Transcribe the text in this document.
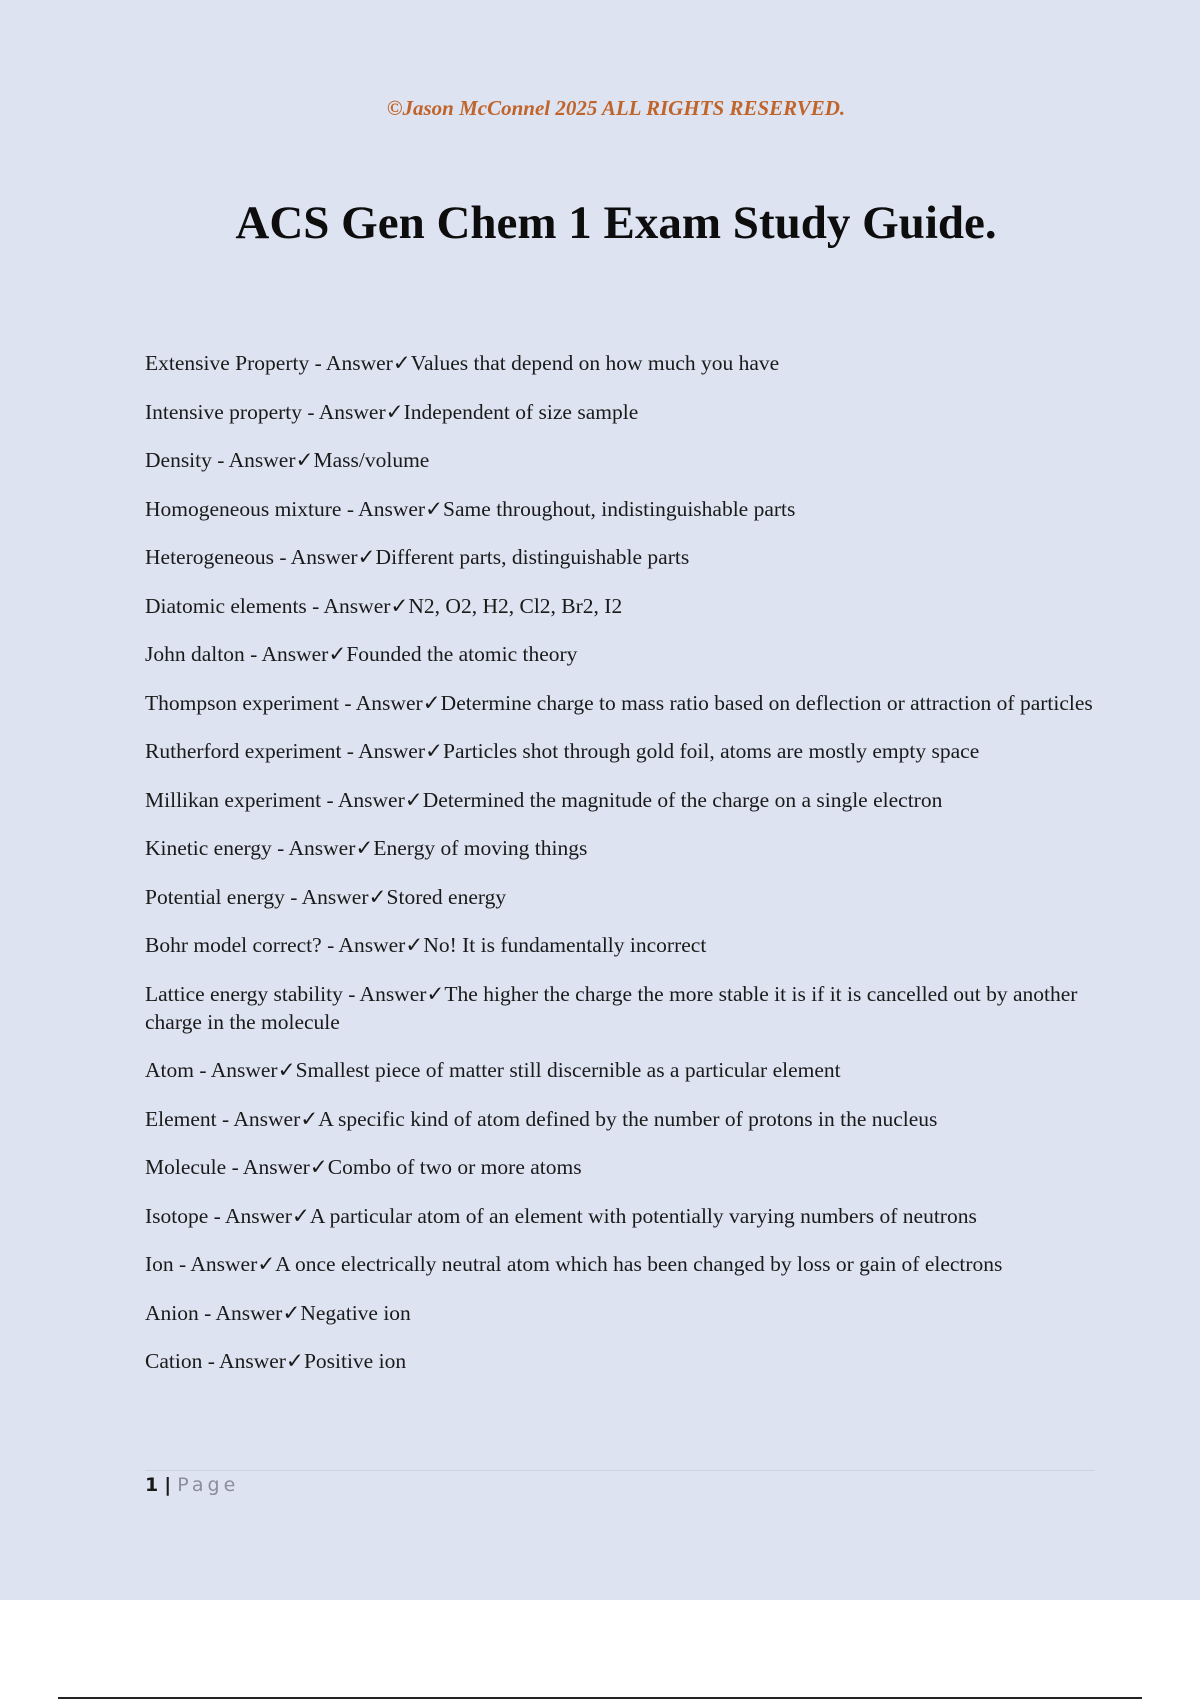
©Jason McConnel 2025 ALL RIGHTS RESERVED.
ACS Gen Chem 1 Exam Study Guide.
Extensive Property - Answer✓Values that depend on how much you have
Intensive property - Answer✓Independent of size sample
Density - Answer✓Mass/volume
Homogeneous mixture - Answer✓Same throughout, indistinguishable parts
Heterogeneous - Answer✓Different parts, distinguishable parts
Diatomic elements - Answer✓N2, O2, H2, Cl2, Br2, I2
John dalton - Answer✓Founded the atomic theory
Thompson experiment - Answer✓Determine charge to mass ratio based on deflection or attraction of particles
Rutherford experiment - Answer✓Particles shot through gold foil, atoms are mostly empty space
Millikan experiment - Answer✓Determined the magnitude of the charge on a single electron
Kinetic energy - Answer✓Energy of moving things
Potential energy - Answer✓Stored energy
Bohr model correct? - Answer✓No! It is fundamentally incorrect
Lattice energy stability - Answer✓The higher the charge the more stable it is if it is cancelled out by another charge in the molecule
Atom - Answer✓Smallest piece of matter still discernible as a particular element
Element - Answer✓A specific kind of atom defined by the number of protons in the nucleus
Molecule - Answer✓Combo of two or more atoms
Isotope - Answer✓A particular atom of an element with potentially varying numbers of neutrons
Ion - Answer✓A once electrically neutral atom which has been changed by loss or gain of electrons
Anion - Answer✓Negative ion
Cation - Answer✓Positive ion
1 | Page
